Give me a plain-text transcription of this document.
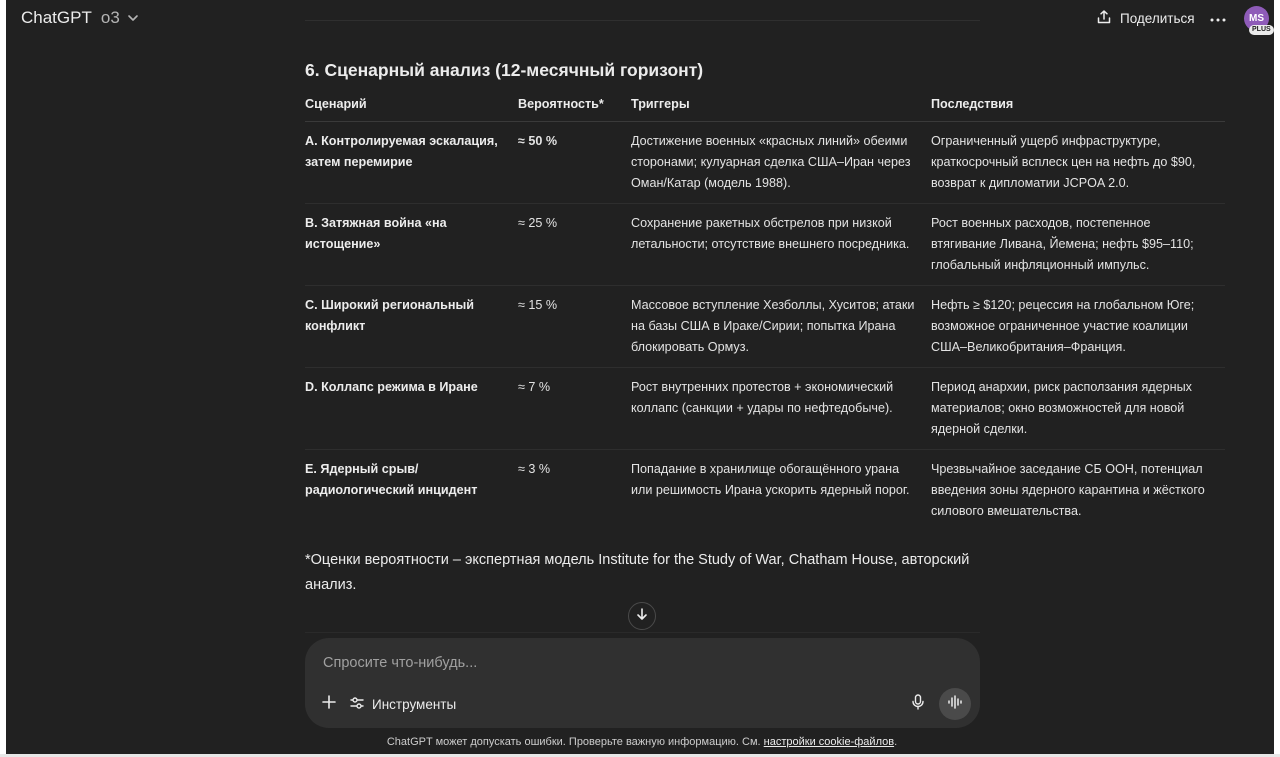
ChatGPT o3	Поделиться	MS
PLUS
6. Сценарный анализ (12-месячный горизонт)
Сценарий	Вероятность*	Триггеры	Последствия
A. Контролируемая эскалация, затем перемирие	≈ 50 %	Достижение военных «красных линий» обеими сторонами; кулуарная сделка США–Иран через Оман/Катар (модель 1988).	Ограниченный ущерб инфраструктуре, краткосрочный всплеск цен на нефть до $90, возврат к дипломатии JCPOA 2.0.
B. Затяжная война «на истощение»	≈ 25 %	Сохранение ракетных обстрелов при низкой летальности; отсутствие внешнего посредника.	Рост военных расходов, постепенное втягивание Ливана, Йемена; нефть $95–110; глобальный инфляционный импульс.
C. Широкий региональный конфликт	≈ 15 %	Массовое вступление Хезболлы, Хуситов; атаки на базы США в Ираке/Сирии; попытка Ирана блокировать Ормуз.	Нефть ≥ $120; рецессия на глобальном Юге; возможное ограниченное участие коалиции США–Великобритания–Франция.
D. Коллапс режима в Иране	≈ 7 %	Рост внутренних протестов + экономический коллапс (санкции + удары по нефтедобыче).	Период анархии, риск расползания ядерных материалов; окно возможностей для новой ядерной сделки.
E. Ядерный срыв/ радиологический инцидент	≈ 3 %	Попадание в хранилище обогащённого урана или решимость Ирана ускорить ядерный порог.	Чрезвычайное заседание СБ ООН, потенциал введения зоны ядерного карантина и жёсткого силового вмешательства.
*Оценки вероятности – экспертная модель Institute for the Study of War, Chatham House, авторский анализ.
Спросите что-нибудь...
Инструменты
ChatGPT может допускать ошибки. Проверьте важную информацию. См. настройки cookie-файлов.
